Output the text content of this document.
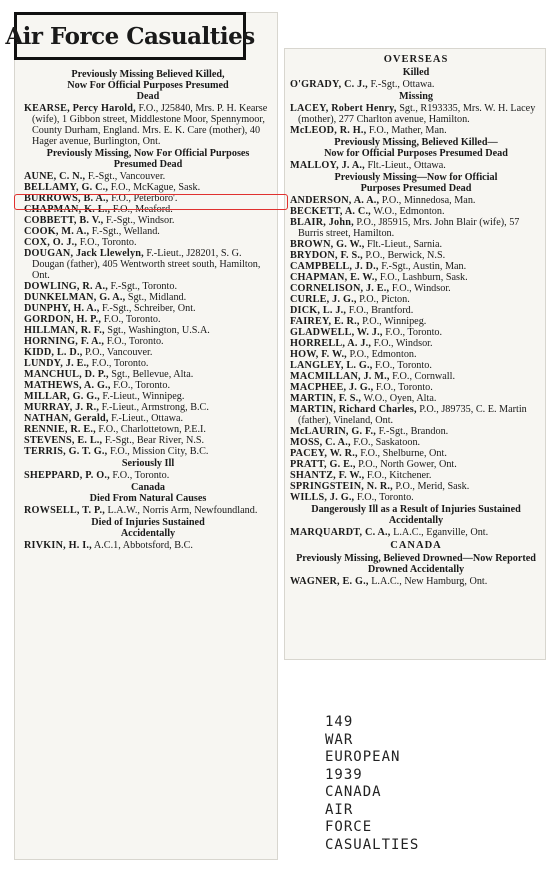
Air Force Casualties
Previously Missing Believed Killed,
Now For Official Purposes Presumed
Dead

KEARSE, Percy Harold, F.O., J25840, Mrs. P. H. Kearse (wife), 1 Gibbon street, Middlestone Moor, Spennymoor, County Durham, England. Mrs. E. K. Care (mother), 40 Hager avenue, Burlington, Ont.

Previously Missing, Now For Official Purposes Presumed Dead

AUNE, C. N., F.-Sgt., Vancouver.

BELLAMY, G. C., F.O., McKague, Sask.

BURROWS, B. A., F.O., Peterboro'.

CHAPMAN, K. L., F.O., Meaford.

COBBETT, B. V., F.-Sgt., Windsor.

COOK, M. A., F.-Sgt., Welland.

COX, O. J., F.O., Toronto.

DOUGAN, Jack Llewelyn, F.-Lieut., J28201, S. G. Dougan (father), 405 Wentworth street south, Hamilton, Ont.

DOWLING, R. A., F.-Sgt., Toronto.

DUNKELMAN, G. A., Sgt., Midland.

DUNPHY, H. A., F.-Sgt., Schreiber, Ont.

GORDON, H. P., F.O., Toronto.

HILLMAN, R. F., Sgt., Washington, U.S.A.

HORNING, F. A., F.O., Toronto.

KIDD, L. D., P.O., Vancouver.

LUNDY, J. E., F.O., Toronto.

MANCHUL, D. P., Sgt., Bellevue, Alta.

MATHEWS, A. G., F.O., Toronto.

MILLAR, G. G., F.-Lieut., Winnipeg.

MURRAY, J. R., F.-Lieut., Armstrong, B.C.

NATHAN, Gerald, F.-Lieut., Ottawa.

RENNIE, R. E., F.O., Charlottetown, P.E.I.

STEVENS, E. L., F.-Sgt., Bear River, N.S.

TERRIS, G. T. G., F.O., Mission City, B.C.

Seriously Ill

SHEPPARD, P. O., F.O., Toronto.

Canada
Died From Natural Causes

ROWSELL, T. P., L.A.W., Norris Arm, Newfoundland.

Died of Injuries Sustained
Accidentally

RIVKIN, H. I., A.C.1, Abbotsford, B.C.

OVERSEAS
Killed

O'GRADY, C. J., F.-Sgt., Ottawa.

Missing

LACEY, Robert Henry, Sgt., R193335, Mrs. W. H. Lacey (mother), 277 Charlton avenue, Hamilton.

McLEOD, R. H., F.O., Mather, Man.

Previously Missing, Believed Killed—
Now for Official Purposes Presumed Dead

MALLOY, J. A., Flt.-Lieut., Ottawa.

Previously Missing—Now for Official
Purposes Presumed Dead

ANDERSON, A. A., P.O., Minnedosa, Man.

BECKETT, A. C., W.O., Edmonton.

BLAIR, John, P.O., J85915, Mrs. John Blair (wife), 57 Burris street, Hamilton.

BROWN, G. W., Flt.-Lieut., Sarnia.

BRYDON, F. S., P.O., Berwick, N.S.

CAMPBELL, J. D., F.-Sgt., Austin, Man.

CHAPMAN, E. W., F.O., Lashburn, Sask.

CORNELISON, J. E., F.O., Windsor.

CURLE, J. G., P.O., Picton.

DICK, L. J., F.O., Brantford.

FAIREY, E. R., P.O., Winnipeg.

GLADWELL, W. J., F.O., Toronto.

HORRELL, A. J., F.O., Windsor.

HOW, F. W., P.O., Edmonton.

LANGLEY, L. G., F.O., Toronto.

MACMILLAN, J. M., F.O., Cornwall.

MACPHEE, J. G., F.O., Toronto.

MARTIN, F. S., W.O., Oyen, Alta.

MARTIN, Richard Charles, P.O., J89735, C. E. Martin (father), Vineland, Ont.

McLAURIN, G. F., F.-Sgt., Brandon.

MOSS, C. A., F.O., Saskatoon.

PACEY, W. R., F.O., Shelburne, Ont.

PRATT, G. E., P.O., North Gower, Ont.

SHANTZ, F. W., F.O., Kitchener.

SPRINGSTEIN, N. R., P.O., Merid, Sask.

WILLS, J. G., F.O., Toronto.

Dangerously Ill as a Result of Injuries Sustained Accidentally

MARQUARDT, C. A., L.A.C., Eganville, Ont.

CANADA
Previously Missing, Believed Drowned—Now Reported Drowned Accidentally

WAGNER, E. G., L.A.C., New Hamburg, Ont.

149
WAR
EUROPEAN
1939
CANADA
AIR
FORCE
CASUALTIES
